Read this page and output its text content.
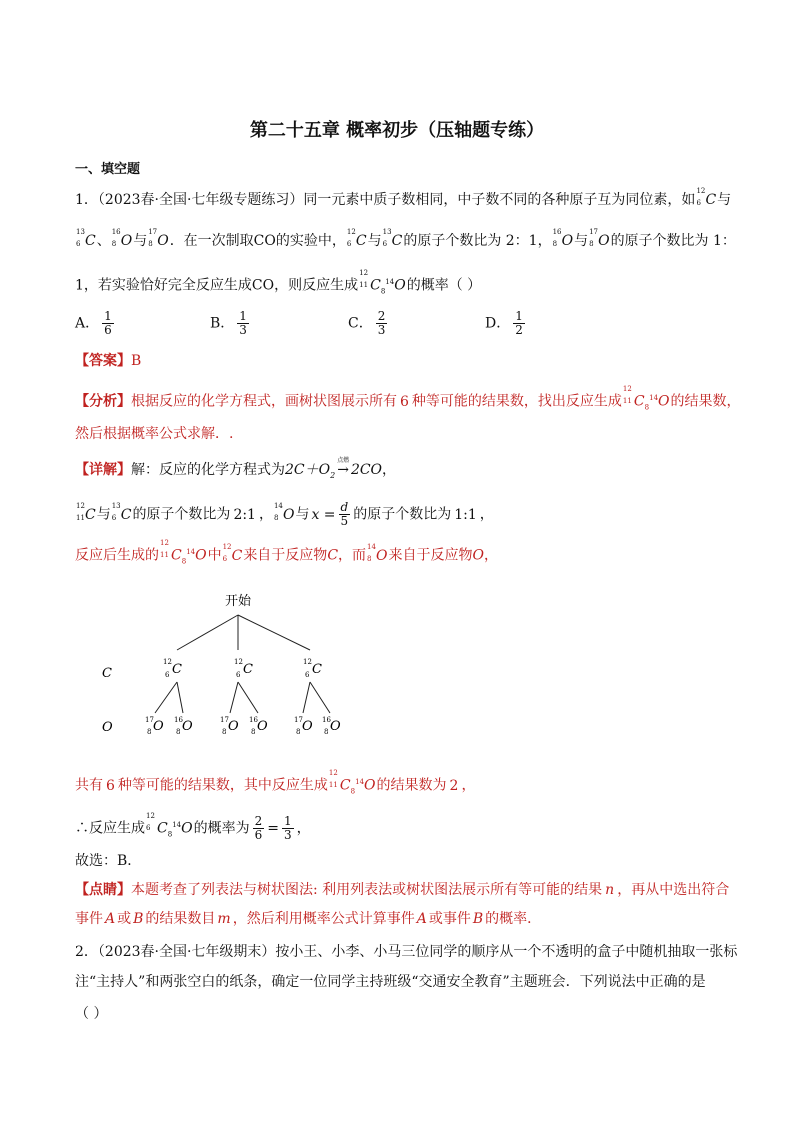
第二十五章 概率初步（压轴题专练）
一、填空题
1．（2023春·全国·七年级专题练习）同一元素中质子数相同，中子数不同的各种原子互为同位素，如
12
6 C与
13
6 C、
16
8 O与
17
8 O．在一次制取CO的实验中，
12
6 C与
13
6 C的原子个数比为 2：1，
16
8 O与
17
8 O的原子个数比为 1：
1，若实验恰好完全反应生成CO，则反应生成
12
11 $C_8^{14}O$的概率（ ）
A． $\frac{1}{6}$	B． $\frac{1}{3}$	C． $\frac{2}{3}$	D． $\frac{1}{2}$
【答案】B
【分析】根据反应的化学方程式，画树状图展示所有 6 种等可能的结果数，找出反应生成
12
11 $C_8^{14}O$的结果数，
然后根据概率公式求解．.
【详解】解：反应的化学方程式为$2C+O_2$
点燃
→ 2CO，
12
11 C与
13
6 C的原子个数比为 2:1 ，
14
8 O与 $x = \frac{d}{5}$ 的原子个数比为 1:1 ，
反应后生成的
12
11 $C_8^{14}O$中
12
6 C来自于反应物C，而
14
8 O来自于反应物O，
开始
C
O
12
6 C	12
6 C	12
6 C
17
8 O 16
8 O	17
8 O 16
8 O	17
8 O 16
8 O
共有 6 种等可能的结果数，其中反应生成
12
11 $C_8^{14}O$的结果数为 2 ，
∴反应生成
12
6 $C_8^{14}O$的概率为 $\frac{2}{6} = \frac{1}{3}$ ，
故选：B．
【点睛】本题考查了列表法与树状图法: 利用列表法或树状图法展示所有等可能的结果 n ，再从中选出符合
事件 A 或 B 的结果数目 m ，然后利用概率公式计算事件 A 或事件 B 的概率．
2．（2023春·全国·七年级期末）按小王、小李、小马三位同学的顺序从一个不透明的盒子中随机抽取一张标
注“主持人”和两张空白的纸条，确定一位同学主持班级“交通安全教育”主题班会．下列说法中正确的是
（ ）
